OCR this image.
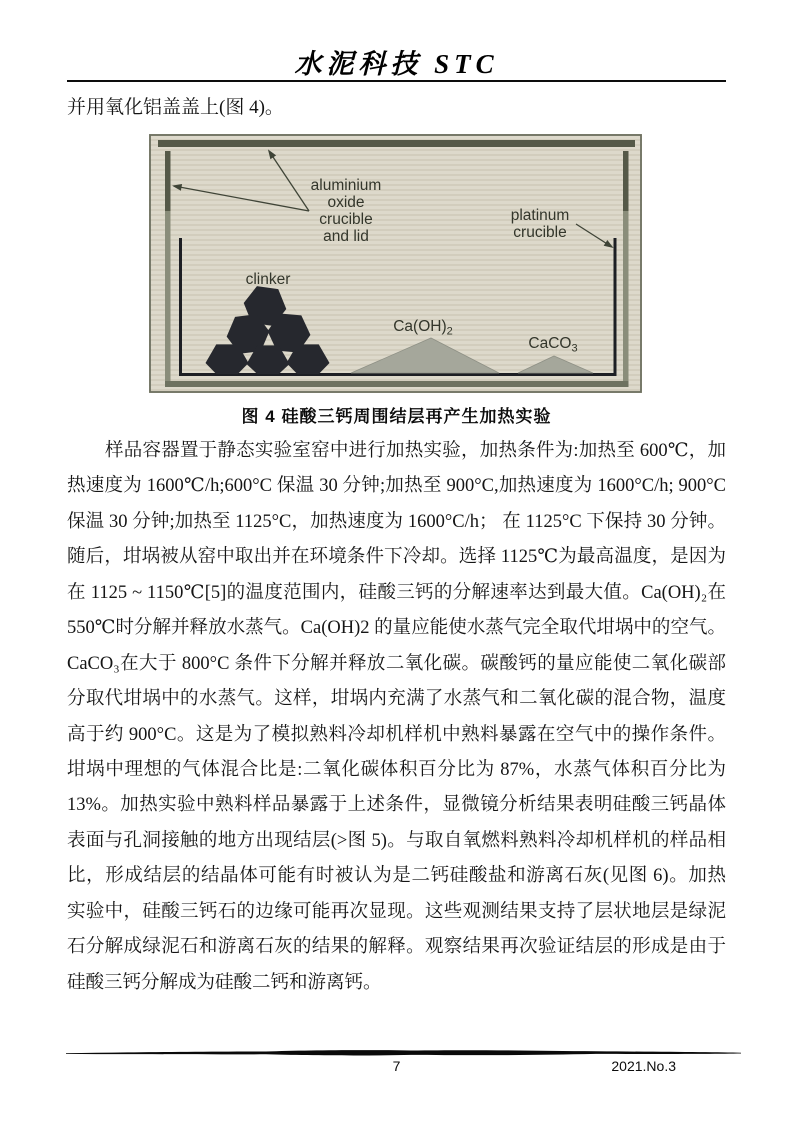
水泥科技 STC
并用氧化铝盖盖上(图 4)。
aluminium
oxide
crucible
and lid
platinum
crucible
clinker
$Ca(OH)_2$
CaCO$_3$
图 4 硅酸三钙周围结层再产生加热实验
样品容器置于静态实验室窑中进行加热实验，加热条件为:加热至 600℃，加
热速度为 1600℃/h;600°C 保温 30 分钟;加热至 900°C,加热速度为 1600°C/h; 900°C
保温 30 分钟;加热至 1125°C，加热速度为 1600°C/h； 在 1125°C 下保持 30 分钟。
随后，坩埚被从窑中取出并在环境条件下冷却。选择 1125℃为最高温度，是因为
在 1125 ~ 1150℃[5]的温度范围内，硅酸三钙的分解速率达到最大值。Ca(OH)₂在
550℃时分解并释放水蒸气。Ca(OH)2 的量应能使水蒸气完全取代坩埚中的空气。
CaCO₃在大于 800°C 条件下分解并释放二氧化碳。碳酸钙的量应能使二氧化碳部
分取代坩埚中的水蒸气。这样，坩埚内充满了水蒸气和二氧化碳的混合物，温度
高于约 900°C。这是为了模拟熟料冷却机样机中熟料暴露在空气中的操作条件。
坩埚中理想的气体混合比是:二氧化碳体积百分比为 87%，水蒸气体积百分比为
13%。加热实验中熟料样品暴露于上述条件，显微镜分析结果表明硅酸三钙晶体
表面与孔洞接触的地方出现结层(>图 5)。与取自氧燃料熟料冷却机样机的样品相
比，形成结层的结晶体可能有时被认为是二钙硅酸盐和游离石灰(见图 6)。加热
实验中，硅酸三钙石的边缘可能再次显现。这些观测结果支持了层状地层是绿泥
石分解成绿泥石和游离石灰的结果的解释。观察结果再次验证结层的形成是由于
硅酸三钙分解成为硅酸二钙和游离钙。
7	2021.No.3
